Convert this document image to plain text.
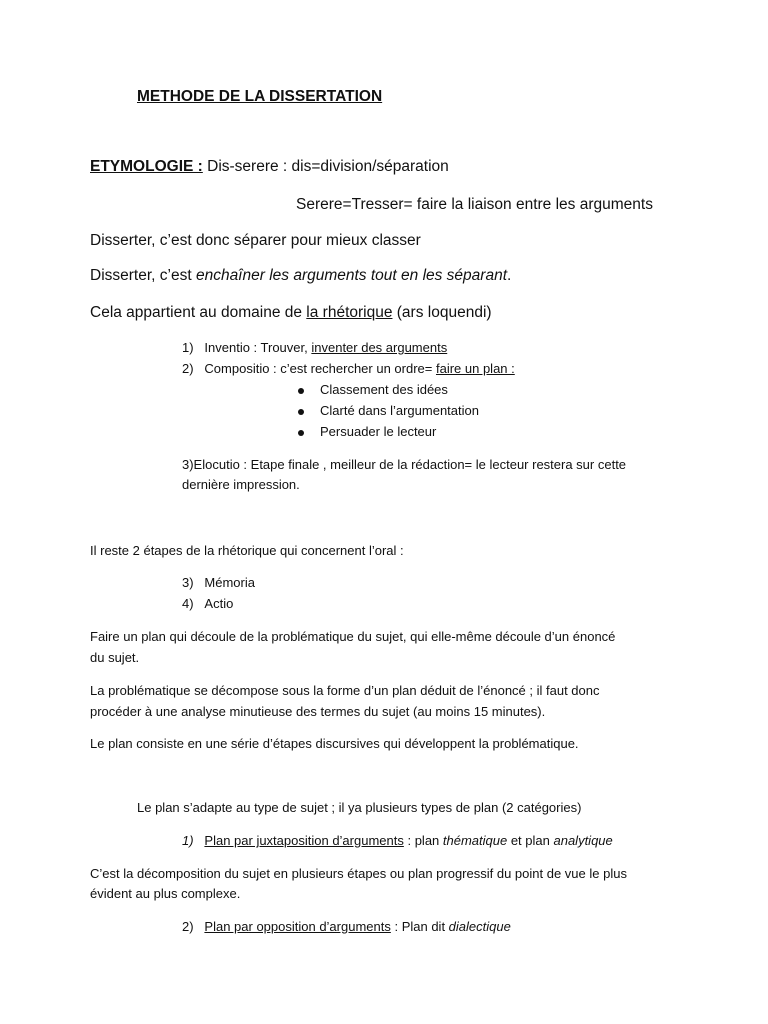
METHODE DE LA DISSERTATION
ETYMOLOGIE : Dis-serere : dis=division/séparation
Serere=Tresser= faire la liaison entre les arguments
Disserter, c’est donc séparer pour mieux classer
Disserter, c’est enchaîner les arguments tout en les séparant.
Cela appartient au domaine de la rhétorique (ars loquendi)
1) Inventio : Trouver, inventer des arguments
2) Compositio : c’est rechercher un ordre= faire un plan :
Classement des idées
Clarté dans l’argumentation
Persuader le lecteur
3)Elocutio : Etape finale , meilleur de la rédaction= le lecteur restera sur cette
dernière impression.
Il reste 2 étapes de la rhétorique qui concernent l’oral :
3) Mémoria
4) Actio
Faire un plan qui découle de la problématique du sujet, qui elle-même découle d’un énoncé
du sujet.
La problématique se décompose sous la forme d’un plan déduit de l’énoncé ; il faut donc
procéder à une analyse minutieuse des termes du sujet (au moins 15 minutes).
Le plan consiste en une série d’étapes discursives qui développent la problématique.
Le plan s’adapte au type de sujet ; il ya plusieurs types de plan (2 catégories)
1) Plan par juxtaposition d’arguments : plan thématique et plan analytique
C’est la décomposition du sujet en plusieurs étapes ou plan progressif du point de vue le plus
évident au plus complexe.
2) Plan par opposition d’arguments : Plan dit dialectique
